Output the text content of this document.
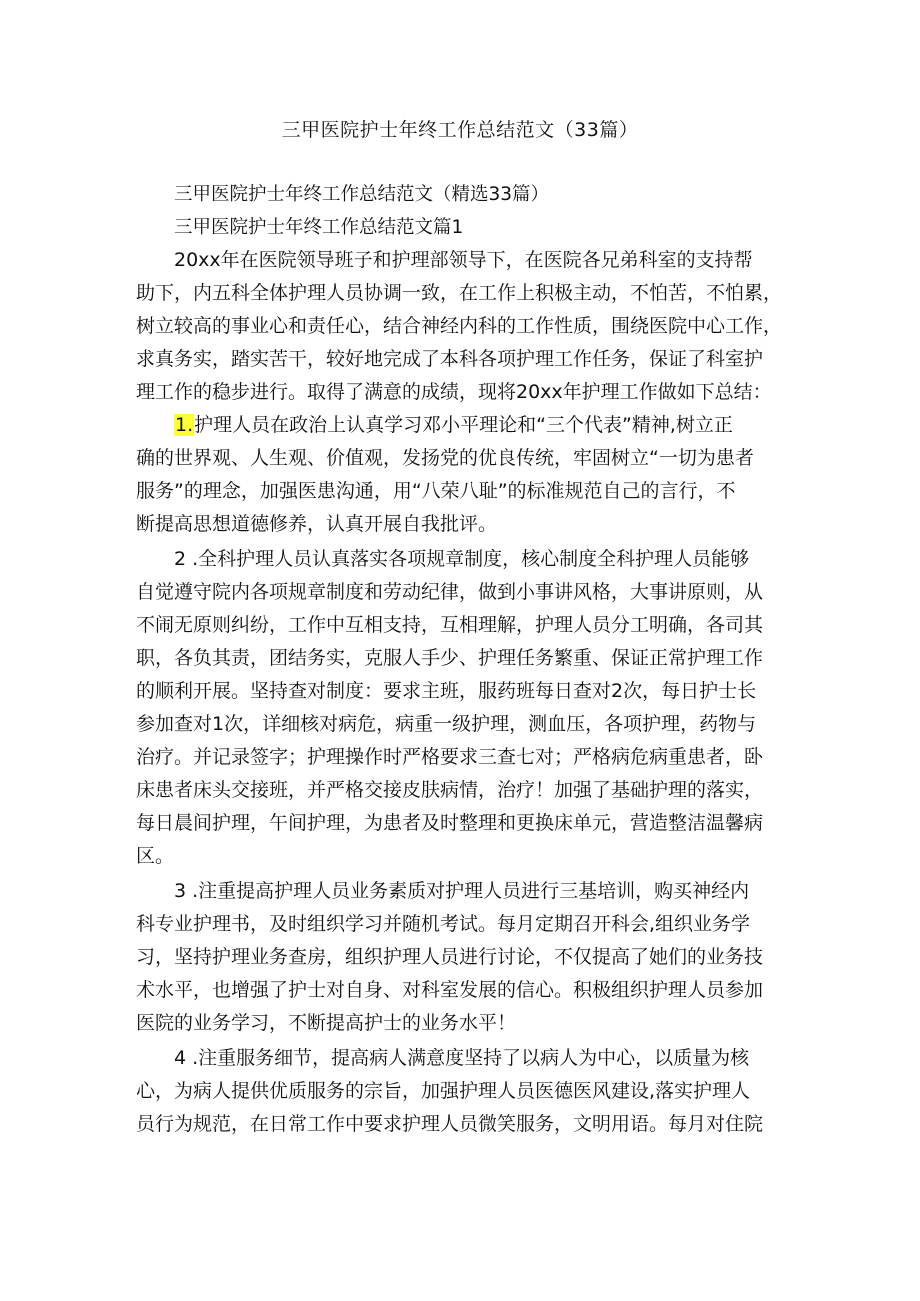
三甲医院护士年终工作总结范文（33篇）

三甲医院护士年终工作总结范文（精选33篇）

三甲医院护士年终工作总结范文篇1

20xx年在医院领导班子和护理部领导下，在医院各兄弟科室的支持帮

助下，内五科全体护理人员协调一致，在工作上积极主动，不怕苦，不怕累，

树立较高的事业心和责任心，结合神经内科的工作性质，围绕医院中心工作，

求真务实，踏实苦干，较好地完成了本科各项护理工作任务，保证了科室护

理工作的稳步进行。取得了满意的成绩，现将20xx年护理工作做如下总结：

1.护理人员在政治上认真学习邓小平理论和“三个代表”精神,树立正

确的世界观、人生观、价值观，发扬党的优良传统，牢固树立“一切为患者

服务”的理念，加强医患沟通，用“八荣八耻”的标准规范自己的言行，不

断提高思想道德修养，认真开展自我批评。

2 .全科护理人员认真落实各项规章制度，核心制度全科护理人员能够

自觉遵守院内各项规章制度和劳动纪律，做到小事讲风格，大事讲原则，从

不闹无原则纠纷，工作中互相支持，互相理解，护理人员分工明确，各司其

职，各负其责，团结务实，克服人手少、护理任务繁重、保证正常护理工作

的顺利开展。坚持查对制度：要求主班，服药班每日查对2次，每日护士长

参加查对1次，详细核对病危，病重一级护理，测血压，各项护理，药物与

治疗。并记录签字；护理操作时严格要求三查七对；严格病危病重患者，卧

床患者床头交接班，并严格交接皮肤病情，治疗！加强了基础护理的落实，

每日晨间护理，午间护理，为患者及时整理和更换床单元，营造整洁温馨病

区。

3 .注重提高护理人员业务素质对护理人员进行三基培训，购买神经内

科专业护理书，及时组织学习并随机考试。每月定期召开科会,组织业务学

习，坚持护理业务查房，组织护理人员进行讨论，不仅提高了她们的业务技

术水平，也增强了护士对自身、对科室发展的信心。积极组织护理人员参加

医院的业务学习，不断提高护士的业务水平！

4 .注重服务细节，提高病人满意度坚持了以病人为中心，以质量为核

心，为病人提供优质服务的宗旨，加强护理人员医德医风建设,落实护理人

员行为规范，在日常工作中要求护理人员微笑服务，文明用语。每月对住院
